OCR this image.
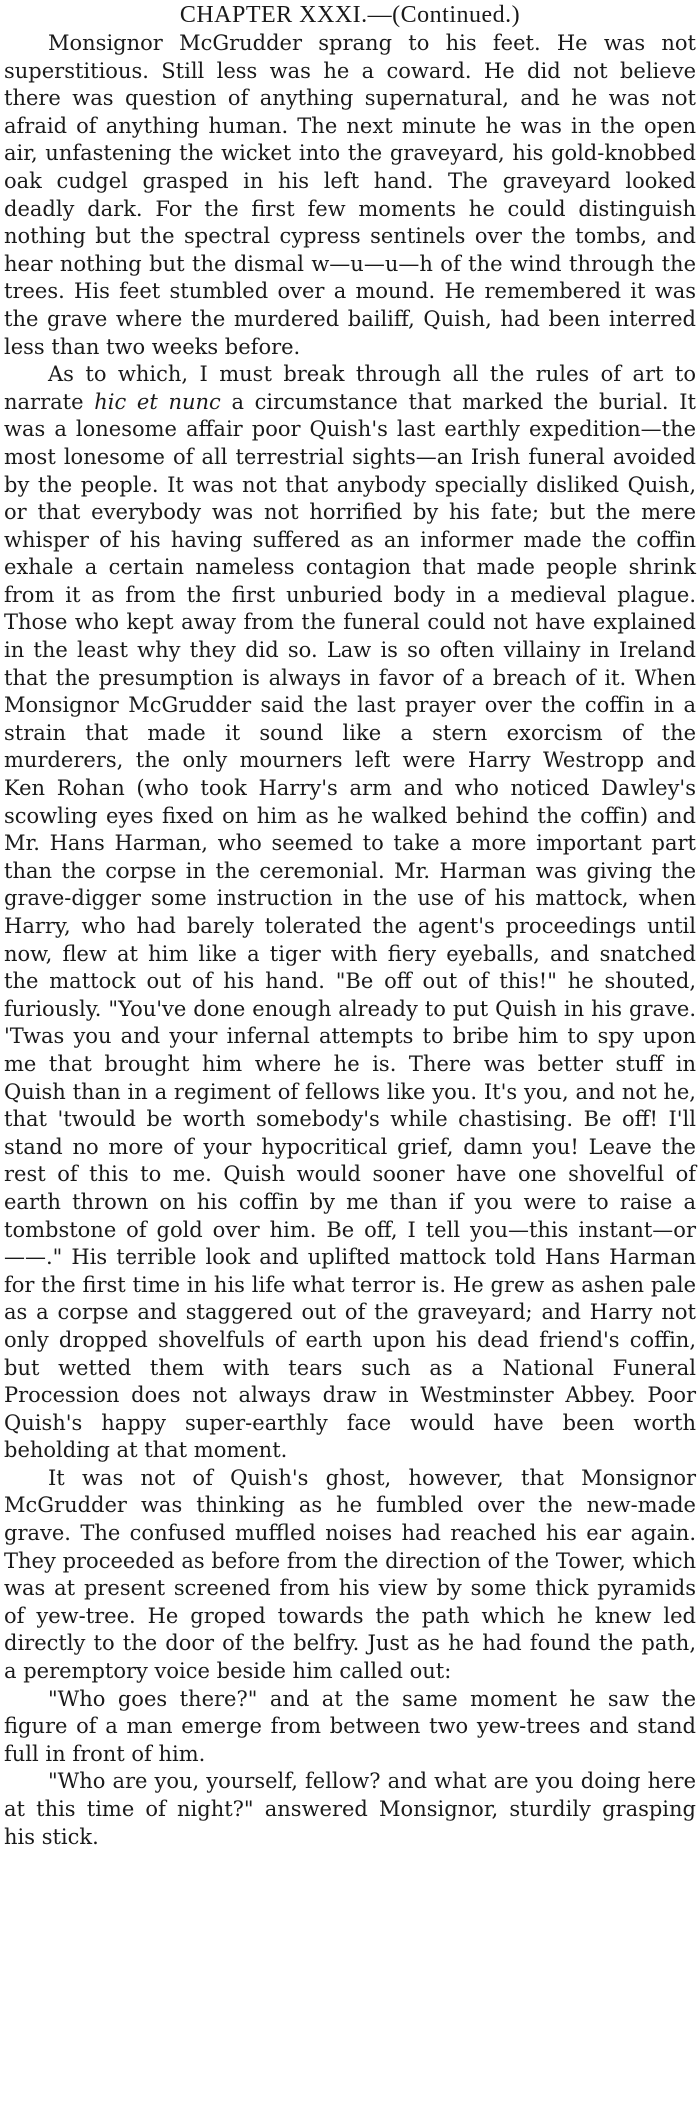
CHAPTER XXXI.—(Continued.)

Monsignor McGrudder sprang to his feet. He was not superstitious. Still less was he a coward. He did not believe there was question of anything supernatural, and he was not afraid of anything human. The next minute he was in the open air, unfastening the wicket into the graveyard, his gold-knobbed oak cudgel grasped in his left hand. The graveyard looked deadly dark. For the first few moments he could distinguish nothing but the spectral cypress sentinels over the tombs, and hear nothing but the dismal w—u—u—h of the wind through the trees. His feet stumbled over a mound. He remembered it was the grave where the murdered bailiff, Quish, had been interred less than two weeks before.

As to which, I must break through all the rules of art to narrate hic et nunc a circumstance that marked the burial. It was a lonesome affair poor Quish's last earthly expedition—the most lonesome of all terrestrial sights—an Irish funeral avoided by the people. It was not that anybody specially disliked Quish, or that everybody was not horrified by his fate; but the mere whisper of his having suffered as an informer made the coffin exhale a certain nameless contagion that made people shrink from it as from the first unburied body in a medieval plague. Those who kept away from the funeral could not have explained in the least why they did so. Law is so often villainy in Ireland that the presumption is always in favor of a breach of it. When Monsignor McGrudder said the last prayer over the coffin in a strain that made it sound like a stern exorcism of the murderers, the only mourners left were Harry Westropp and Ken Rohan (who took Harry's arm and who noticed Dawley's scowling eyes fixed on him as he walked behind the coffin) and Mr. Hans Harman, who seemed to take a more important part than the corpse in the ceremonial. Mr. Harman was giving the grave-digger some instruction in the use of his mattock, when Harry, who had barely tolerated the agent's proceedings until now, flew at him like a tiger with fiery eyeballs, and snatched the mattock out of his hand. "Be off out of this!" he shouted, furiously. "You've done enough already to put Quish in his grave. 'Twas you and your infernal attempts to bribe him to spy upon me that brought him where he is. There was better stuff in Quish than in a regiment of fellows like you. It's you, and not he, that 'twould be worth somebody's while chastising. Be off! I'll stand no more of your hypocritical grief, damn you! Leave the rest of this to me. Quish would sooner have one shovelful of earth thrown on his coffin by me than if you were to raise a tombstone of gold over him. Be off, I tell you—this instant—or——." His terrible look and uplifted mattock told Hans Harman for the first time in his life what terror is. He grew as ashen pale as a corpse and staggered out of the graveyard; and Harry not only dropped shovelfuls of earth upon his dead friend's coffin, but wetted them with tears such as a National Funeral Procession does not always draw in Westminster Abbey. Poor Quish's happy super-earthly face would have been worth beholding at that moment.

It was not of Quish's ghost, however, that Monsignor McGrudder was thinking as he fumbled over the new-made grave. The confused muffled noises had reached his ear again. They proceeded as before from the direction of the Tower, which was at present screened from his view by some thick pyramids of yew-tree. He groped towards the path which he knew led directly to the door of the belfry. Just as he had found the path, a peremptory voice beside him called out:

"Who goes there?" and at the same moment he saw the figure of a man emerge from between two yew-trees and stand full in front of him.

"Who are you, yourself, fellow? and what are you doing here at this time of night?" answered Monsignor, sturdily grasping his stick.
